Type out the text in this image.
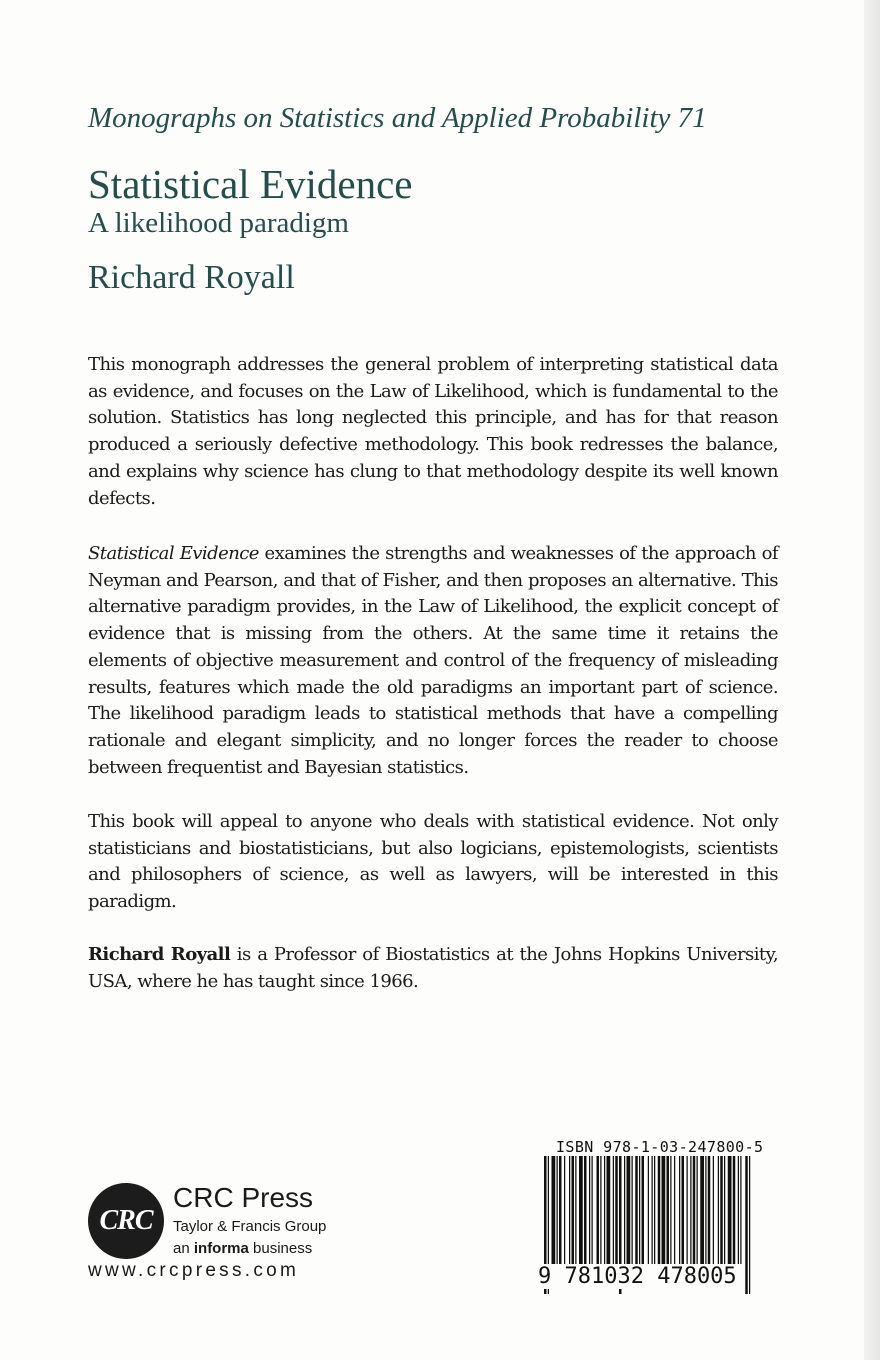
Monographs on Statistics and Applied Probability 71
Statistical Evidence
A likelihood paradigm
Richard Royall

This monograph addresses the general problem of interpreting statistical data as evidence, and focuses on the Law of Likelihood, which is fundamental to the solution. Statistics has long neglected this principle, and has for that reason produced a seriously defective methodology. This book redresses the balance, and explains why science has clung to that methodology despite its well known defects.

Statistical Evidence examines the strengths and weaknesses of the approach of Neyman and Pearson, and that of Fisher, and then proposes an alternative. This alternative paradigm provides, in the Law of Likelihood, the explicit concept of evidence that is missing from the others. At the same time it retains the elements of objective measurement and control of the frequency of misleading results, features which made the old paradigms an important part of science. The likelihood paradigm leads to statistical methods that have a compelling rationale and elegant simplicity, and no longer forces the reader to choose between frequentist and Bayesian statistics.

This book will appeal to anyone who deals with statistical evidence. Not only statisticians and biostatisticians, but also logicians, epistemologists, scientists and philosophers of science, as well as lawyers, will be interested in this paradigm.

Richard Royall is a Professor of Biostatistics at the Johns Hopkins University, USA, where he has taught since 1966.

CRC
CRC Press
Taylor & Francis Group
an informa business
www.crcpress.com
ISBN 978-1-03-247800-5
9 781032 478005
